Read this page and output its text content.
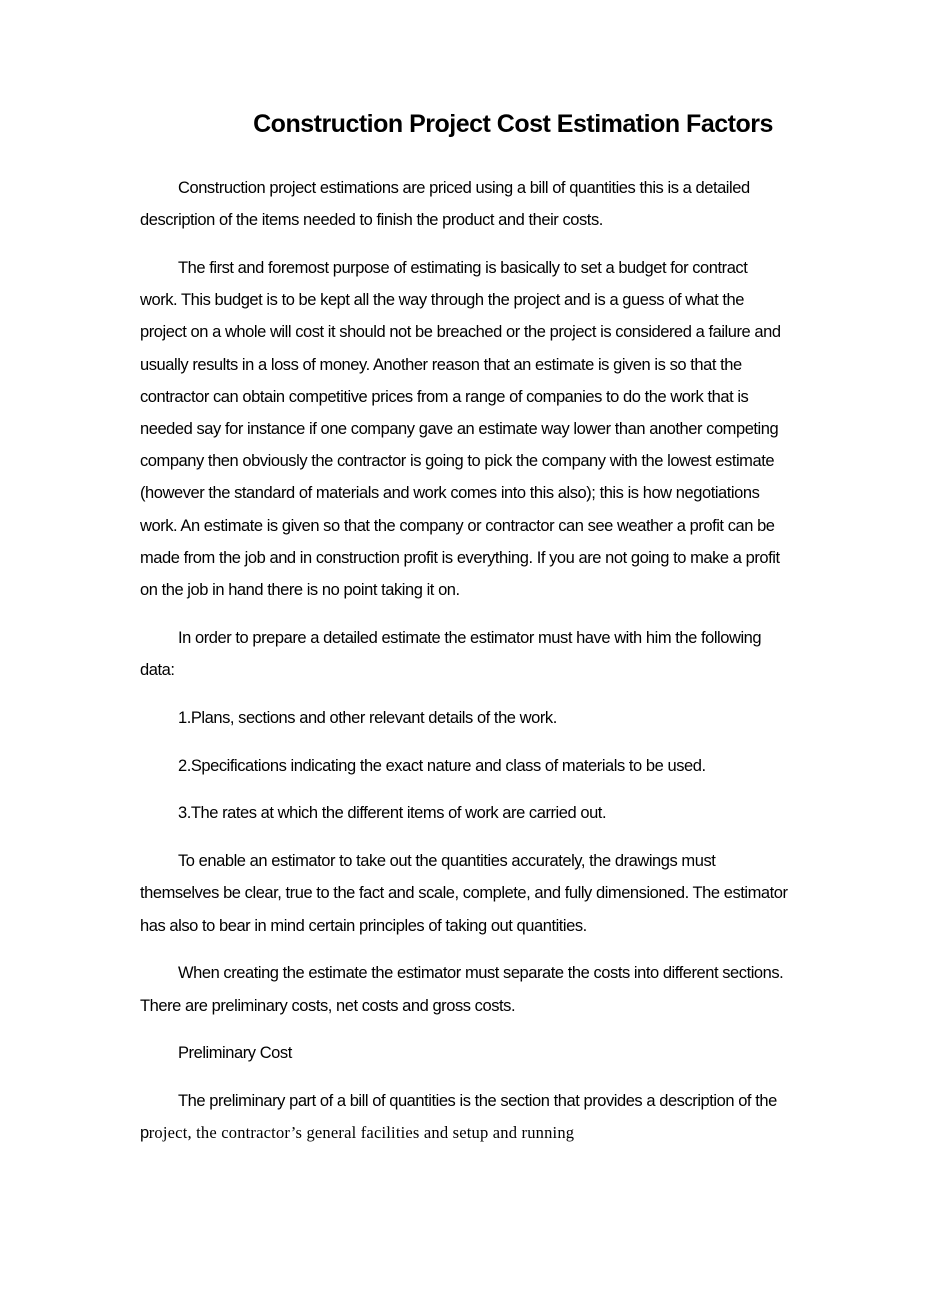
Construction Project Cost Estimation Factors

Construction project estimations are priced using a bill of quantities this is a detailed description of the items needed to finish the product and their costs.

The first and foremost purpose of estimating is basically to set a budget for contract work. This budget is to be kept all the way through the project and is a guess of what the project on a whole will cost it should not be breached or the project is considered a failure and usually results in a loss of money. Another reason that an estimate is given is so that the contractor can obtain competitive prices from a range of companies to do the work that is needed say for instance if one company gave an estimate way lower than another competing company then obviously the contractor is going to pick the company with the lowest estimate (however the standard of materials and work comes into this also); this is how negotiations work. An estimate is given so that the company or contractor can see weather a profit can be made from the job and in construction profit is everything. If you are not going to make a profit on the job in hand there is no point taking it on.

In order to prepare a detailed estimate the estimator must have with him the following data:

1.Plans, sections and other relevant details of the work.

2.Specifications indicating the exact nature and class of materials to be used.

3.The rates at which the different items of work are carried out.

To enable an estimator to take out the quantities accurately, the drawings must themselves be clear, true to the fact and scale, complete, and fully dimensioned. The estimator has also to bear in mind certain principles of taking out quantities.

When creating the estimate the estimator must separate the costs into different sections. There are preliminary costs, net costs and gross costs.

Preliminary Cost

The preliminary part of a bill of quantities is the section that provides a description of the project, the contractor’s general facilities and setup and running
